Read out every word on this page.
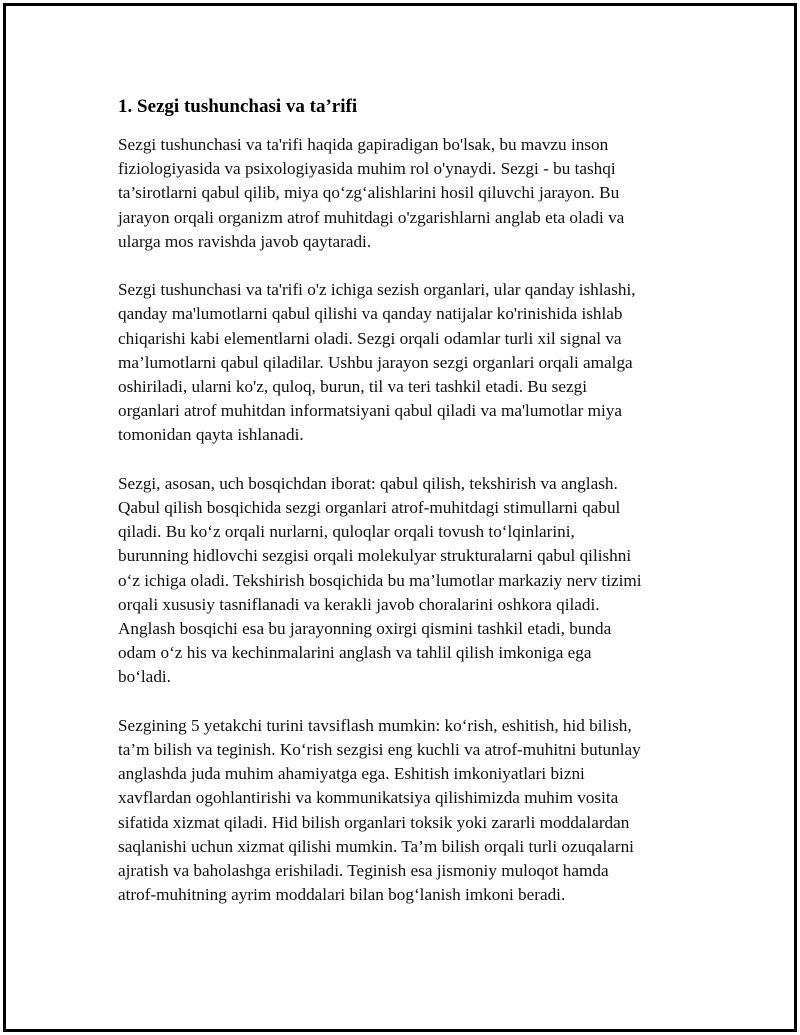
1. Sezgi tushunchasi va ta’rifi

Sezgi tushunchasi va ta'rifi haqida gapiradigan bo'lsak, bu mavzu inson
fiziologiyasida va psixologiyasida muhim rol o'ynaydi. Sezgi - bu tashqi
ta’sirotlarni qabul qilib, miya qo‘zg‘alishlarini hosil qiluvchi jarayon. Bu
jarayon orqali organizm atrof muhitdagi o'zgarishlarni anglab eta oladi va
ularga mos ravishda javob qaytaradi.

Sezgi tushunchasi va ta'rifi o'z ichiga sezish organlari, ular qanday ishlashi,
qanday ma'lumotlarni qabul qilishi va qanday natijalar ko'rinishida ishlab
chiqarishi kabi elementlarni oladi. Sezgi orqali odamlar turli xil signal va
ma’lumotlarni qabul qiladilar. Ushbu jarayon sezgi organlari orqali amalga
oshiriladi, ularni ko'z, quloq, burun, til va teri tashkil etadi. Bu sezgi
organlari atrof muhitdan informatsiyani qabul qiladi va ma'lumotlar miya
tomonidan qayta ishlanadi.

Sezgi, asosan, uch bosqichdan iborat: qabul qilish, tekshirish va anglash.
Qabul qilish bosqichida sezgi organlari atrof-muhitdagi stimullarni qabul
qiladi. Bu ko‘z orqali nurlarni, quloqlar orqali tovush to‘lqinlarini,
burunning hidlovchi sezgisi orqali molekulyar strukturalarni qabul qilishni
o‘z ichiga oladi. Tekshirish bosqichida bu ma’lumotlar markaziy nerv tizimi
orqali xususiy tasniflanadi va kerakli javob choralarini oshkora qiladi.
Anglash bosqichi esa bu jarayonning oxirgi qismini tashkil etadi, bunda
odam o‘z his va kechinmalarini anglash va tahlil qilish imkoniga ega
bo‘ladi.

Sezgining 5 yetakchi turini tavsiflash mumkin: ko‘rish, eshitish, hid bilish,
ta’m bilish va teginish. Ko‘rish sezgisi eng kuchli va atrof-muhitni butunlay
anglashda juda muhim ahamiyatga ega. Eshitish imkoniyatlari bizni
xavflardan ogohlantirishi va kommunikatsiya qilishimizda muhim vosita
sifatida xizmat qiladi. Hid bilish organlari toksik yoki zararli moddalardan
saqlanishi uchun xizmat qilishi mumkin. Ta’m bilish orqali turli ozuqalarni
ajratish va baholashga erishiladi. Teginish esa jismoniy muloqot hamda
atrof-muhitning ayrim moddalari bilan bog‘lanish imkoni beradi.
